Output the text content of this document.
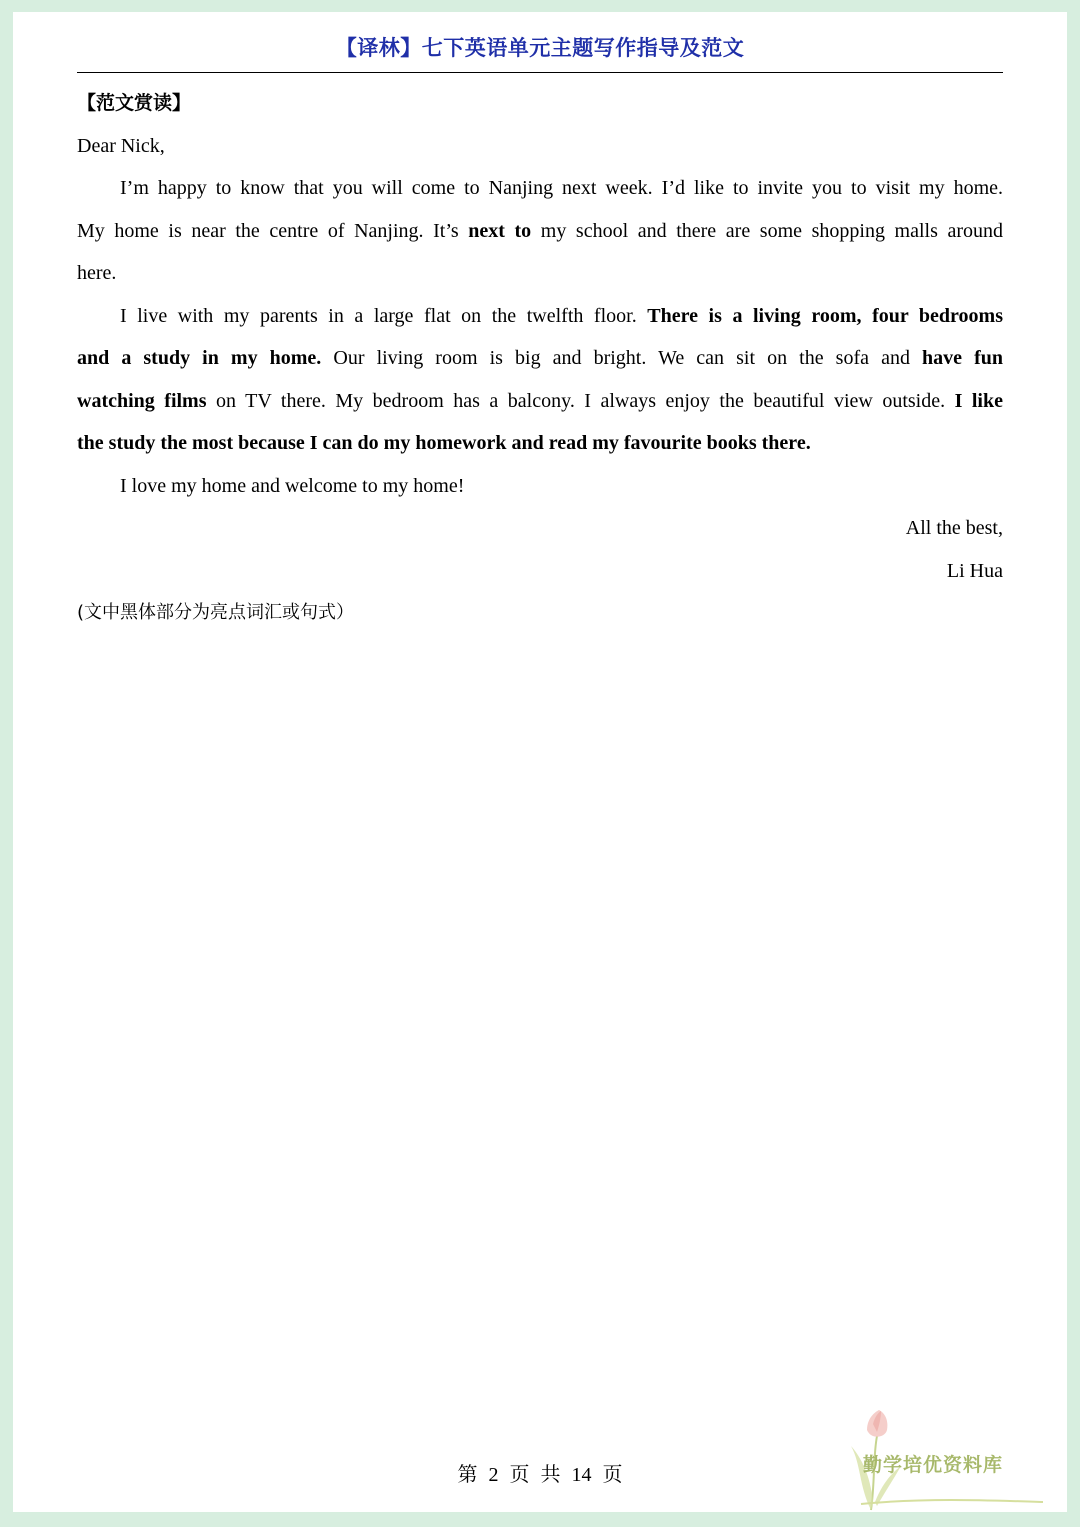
【译林】七下英语单元主题写作指导及范文
【范文赏读】
Dear Nick,
I’m happy to know that you will come to Nanjing next week. I’d like to invite you to visit my home.
My home is near the centre of Nanjing. It’s next to my school and there are some shopping malls around
here.
I live with my parents in a large flat on the twelfth floor. There is a living room, four bedrooms
and a study in my home. Our living room is big and bright. We can sit on the sofa and have fun
watching films on TV there. My bedroom has a balcony. I always enjoy the beautiful view outside. I like
the study the most because I can do my homework and read my favourite books there.
I love my home and welcome to my home!
All the best,
Li Hua
(文中黑体部分为亮点词汇或句式）
第 2 页 共 14 页	勤学培优资料库
